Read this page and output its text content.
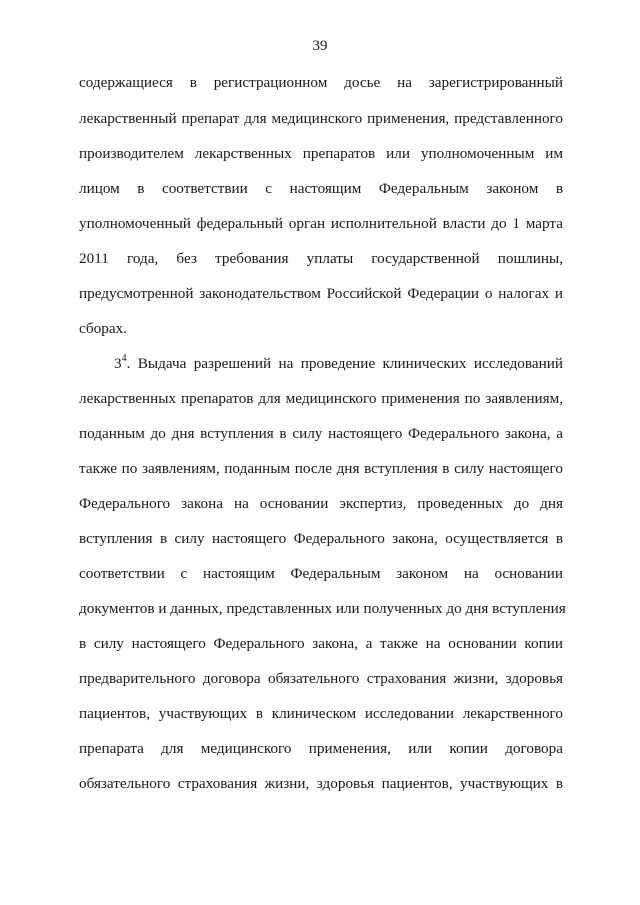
39
содержащиеся в регистрационном досье на зарегистрированный
лекарственный препарат для медицинского применения, представленного
производителем лекарственных препаратов или уполномоченным им
лицом в соответствии с настоящим Федеральным законом в
уполномоченный федеральный орган исполнительной власти до 1 марта
2011 года, без требования уплаты государственной пошлины,
предусмотренной законодательством Российской Федерации о налогах и
сборах.
$3^4$. Выдача разрешений на проведение клинических исследований
лекарственных препаратов для медицинского применения по заявлениям,
поданным до дня вступления в силу настоящего Федерального закона, а
также по заявлениям, поданным после дня вступления в силу настоящего
Федерального закона на основании экспертиз, проведенных до дня
вступления в силу настоящего Федерального закона, осуществляется в
соответствии с настоящим Федеральным законом на основании
документов и данных, представленных или полученных до дня вступления
в силу настоящего Федерального закона, а также на основании копии
предварительного договора обязательного страхования жизни, здоровья
пациентов, участвующих в клиническом исследовании лекарственного
препарата для медицинского применения, или копии договора
обязательного страхования жизни, здоровья пациентов, участвующих в
